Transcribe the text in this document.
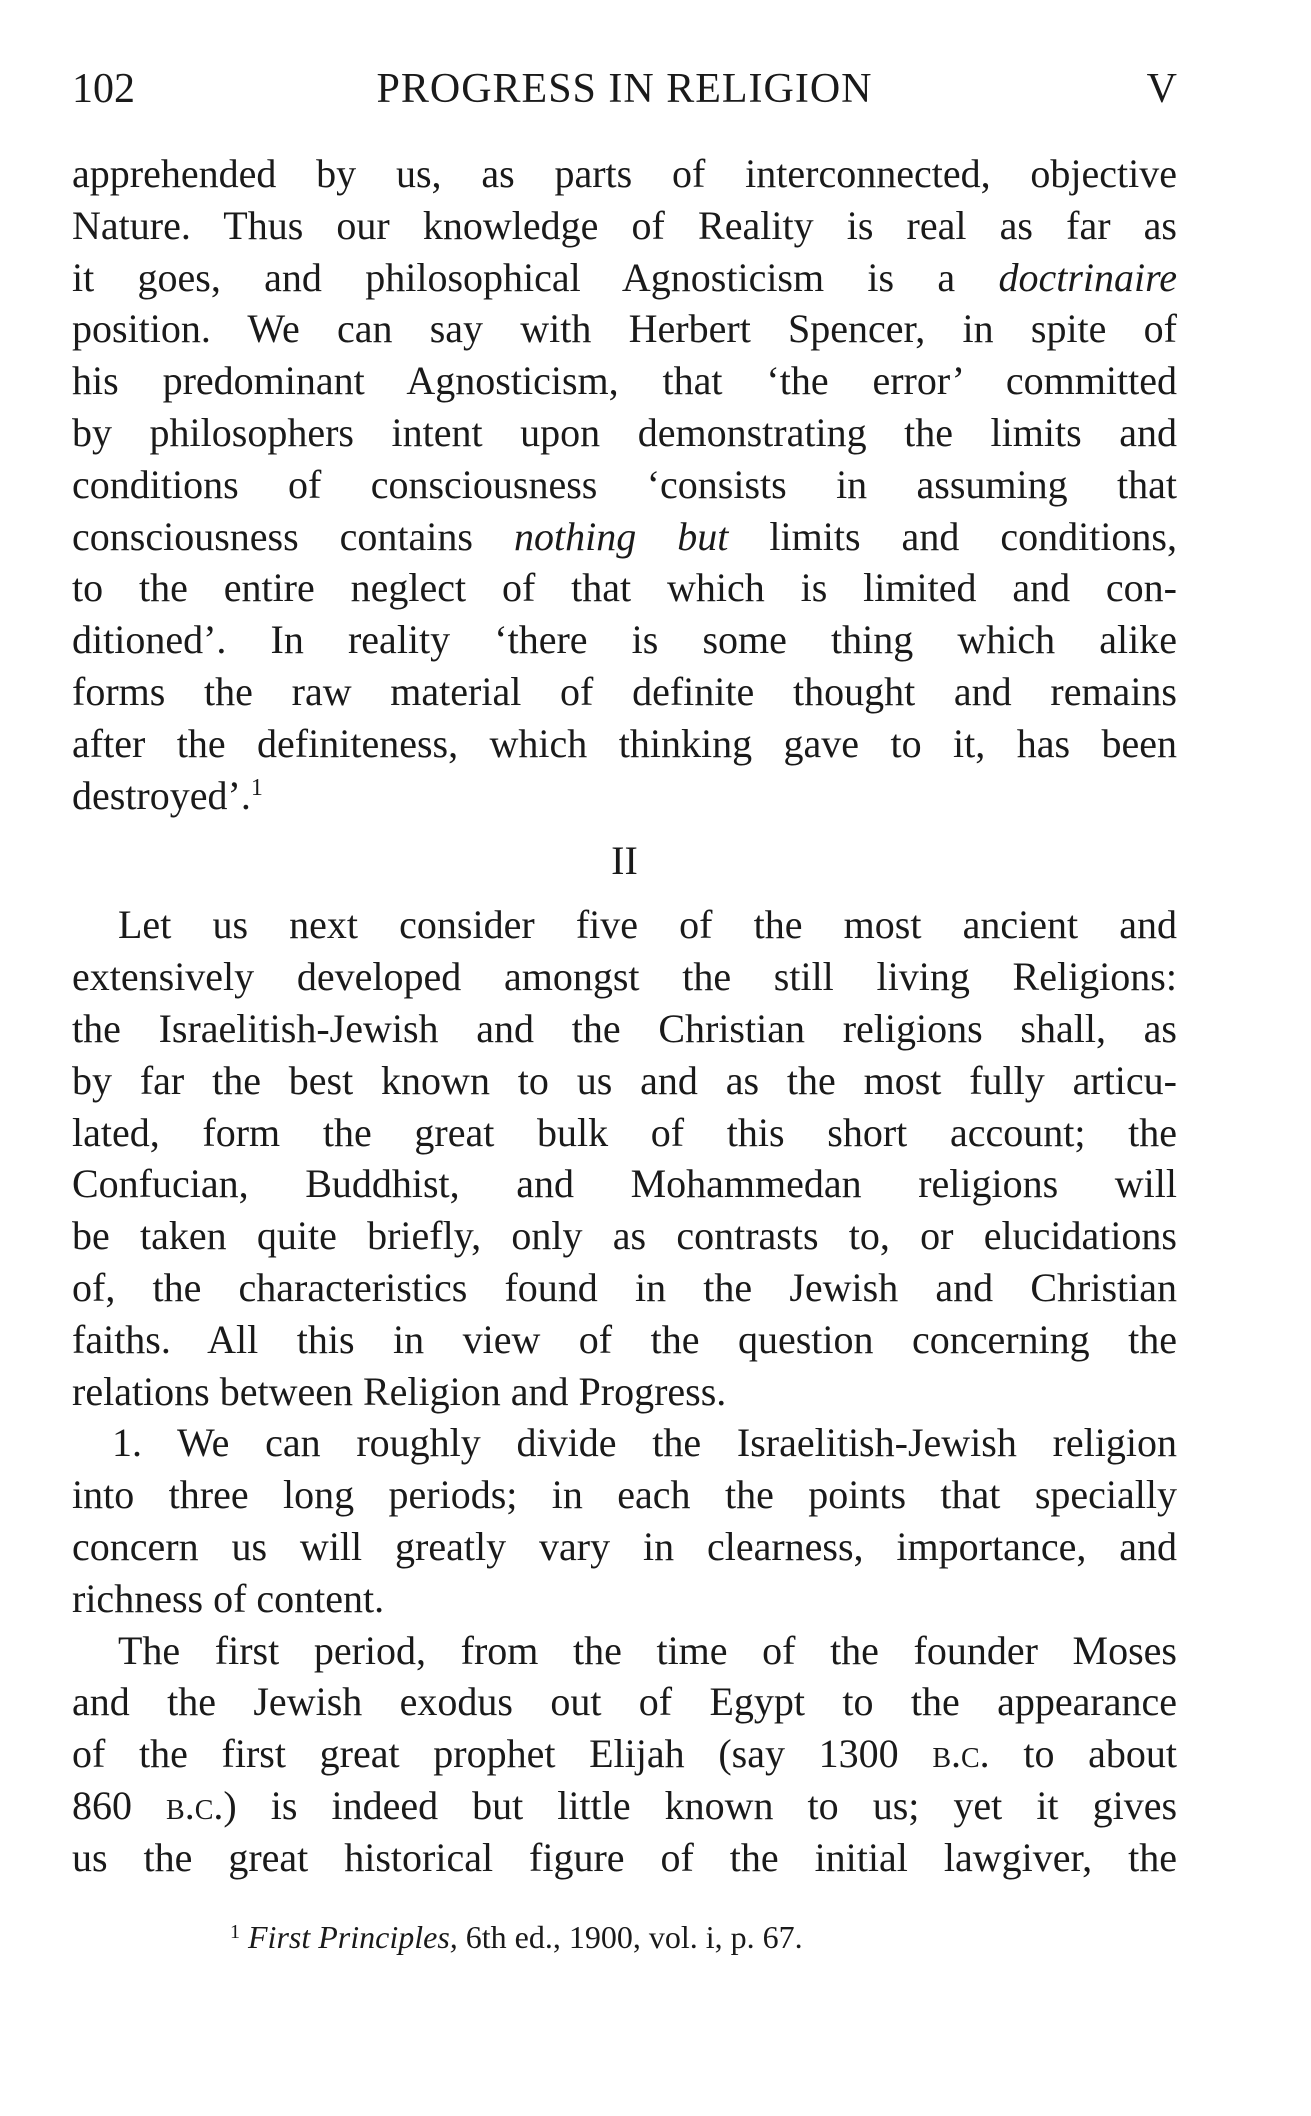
102	PROGRESS IN RELIGION	V
apprehended by us, as parts of interconnected, objective
Nature. Thus our knowledge of Reality is real as far as
it goes, and philosophical Agnosticism is a doctrinaire
position. We can say with Herbert Spencer, in spite of
his predominant Agnosticism, that ‘the error’ committed
by philosophers intent upon demonstrating the limits and
conditions of consciousness ‘consists in assuming that
consciousness contains nothing but limits and conditions,
to the entire neglect of that which is limited and con-
ditioned’. In reality ‘there is some thing which alike
forms the raw material of definite thought and remains
after the definiteness, which thinking gave to it, has been
destroyed’.$^1$
II
Let us next consider five of the most ancient and
extensively developed amongst the still living Religions:
the Israelitish-Jewish and the Christian religions shall, as
by far the best known to us and as the most fully articu-
lated, form the great bulk of this short account; the
Confucian, Buddhist, and Mohammedan religions will
be taken quite briefly, only as contrasts to, or elucidations
of, the characteristics found in the Jewish and Christian
faiths. All this in view of the question concerning the
relations between Religion and Progress.
1. We can roughly divide the Israelitish-Jewish religion
into three long periods; in each the points that specially
concern us will greatly vary in clearness, importance, and
richness of content.
The first period, from the time of the founder Moses
and the Jewish exodus out of Egypt to the appearance
of the first great prophet Elijah (say 1300 b.c. to about
860 b.c.) is indeed but little known to us; yet it gives
us the great historical figure of the initial lawgiver, the
$^1$ First Principles, 6th ed., 1900, vol. i, p. 67.
